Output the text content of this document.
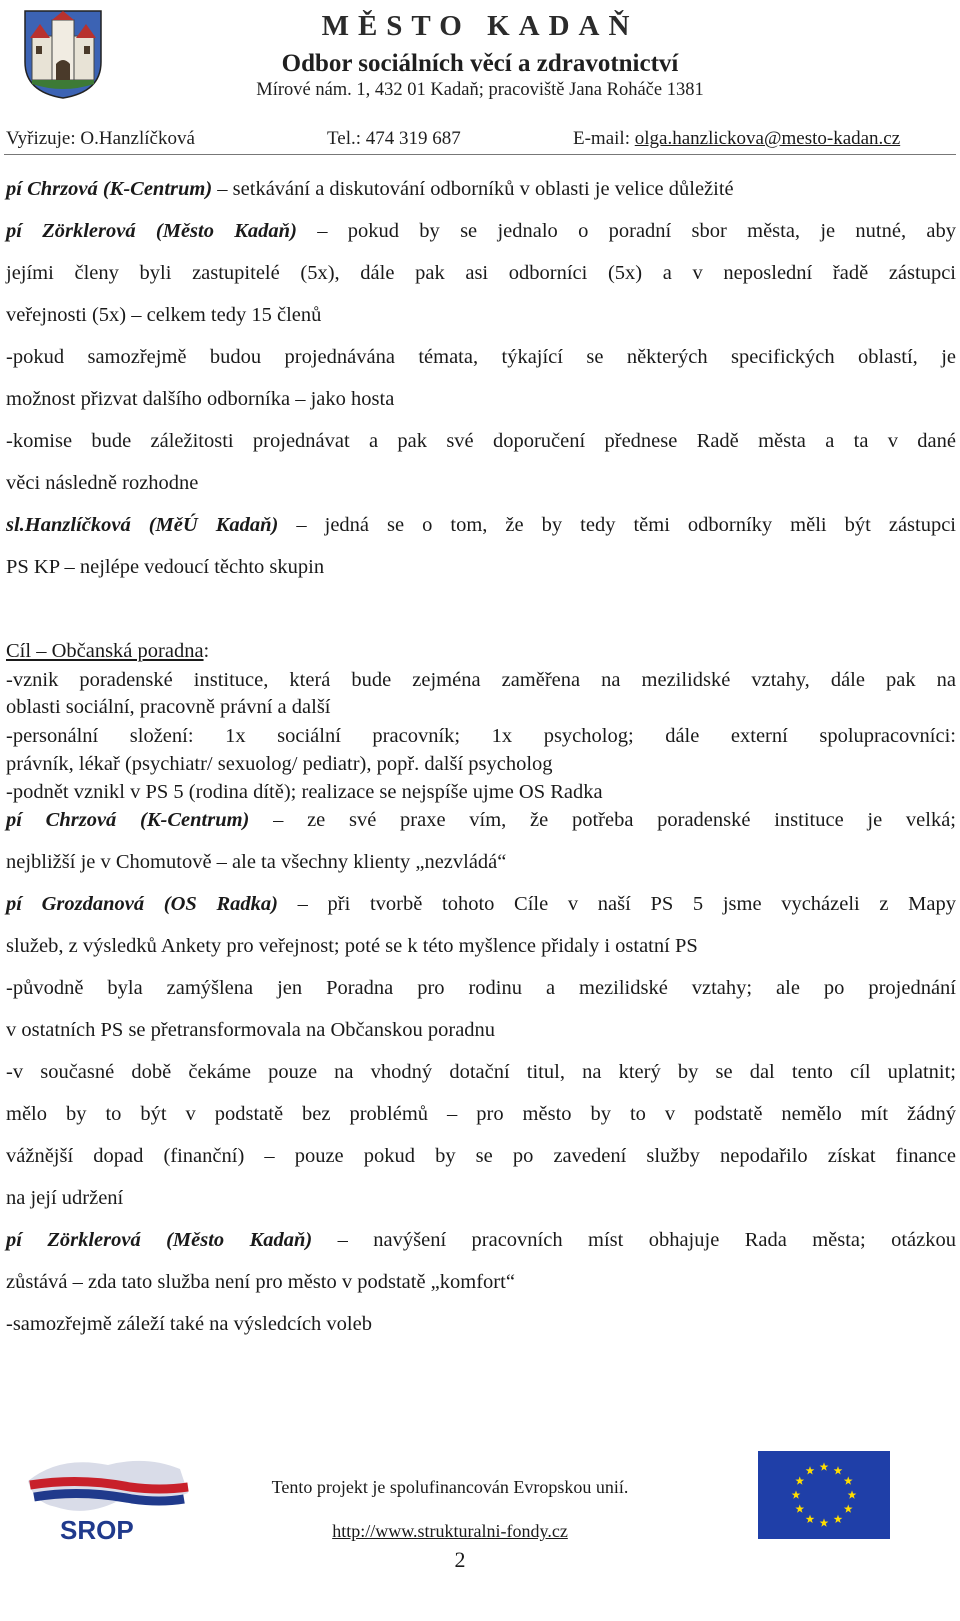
MĚSTO KADAŇ
Odbor sociálních věcí a zdravotnictví
Mírové nám. 1, 432 01 Kadaň; pracoviště Jana Roháče 1381
Vyřizuje: O.Hanzlíčková	Tel.: 474 319 687	E-mail: olga.hanzlickova@mesto-kadan.cz
pí Chrzová (K-Centrum) – setkávání a diskutování odborníků v oblasti je velice důležité
pí Zörklerová (Město Kadaň) – pokud by se jednalo o poradní sbor města, je nutné, aby
jejími členy byli zastupitelé (5x), dále pak asi odborníci (5x) a v neposlední řadě zástupci
veřejnosti (5x) – celkem tedy 15 členů
-pokud samozřejmě budou projednávána témata, týkající se některých specifických oblastí, je
možnost přizvat dalšího odborníka – jako hosta
-komise bude záležitosti projednávat a pak své doporučení přednese Radě města a ta v dané
věci následně rozhodne
sl.Hanzlíčková (MěÚ Kadaň) – jedná se o tom, že by tedy těmi odborníky měli být zástupci
PS KP – nejlépe vedoucí těchto skupin
Cíl – Občanská poradna:
-vznik poradenské instituce, která bude zejména zaměřena na mezilidské vztahy, dále pak na
oblasti sociální, pracovně právní a další
-personální složení: 1x sociální pracovník; 1x psycholog; dále externí spolupracovníci:
právník, lékař (psychiatr/ sexuolog/ pediatr), popř. další psycholog
-podnět vznikl v PS 5 (rodina dítě); realizace se nejspíše ujme OS Radka
pí Chrzová (K-Centrum) – ze své praxe vím, že potřeba poradenské instituce je velká;
nejbližší je v Chomutově – ale ta všechny klienty „nezvládá“
pí Grozdanová (OS Radka) – při tvorbě tohoto Cíle v naší PS 5 jsme vycházeli z Mapy
služeb, z výsledků Ankety pro veřejnost; poté se k této myšlence přidaly i ostatní PS
-původně byla zamýšlena jen Poradna pro rodinu a mezilidské vztahy; ale po projednání
v ostatních PS se přetransformovala na Občanskou poradnu
-v současné době čekáme pouze na vhodný dotační titul, na který by se dal tento cíl uplatnit;
mělo by to být v podstatě bez problémů – pro město by to v podstatě nemělo mít žádný
vážnější dopad (finanční) – pouze pokud by se po zavedení služby nepodařilo získat finance
na její udržení
pí Zörklerová (Město Kadaň) – navýšení pracovních míst obhajuje Rada města; otázkou
zůstává – zda tato služba není pro město v podstatě „komfort“
-samozřejmě záleží také na výsledcích voleb
SROP
Tento projekt je spolufinancován Evropskou unií.
http://www.strukturalni-fondy.cz
2
